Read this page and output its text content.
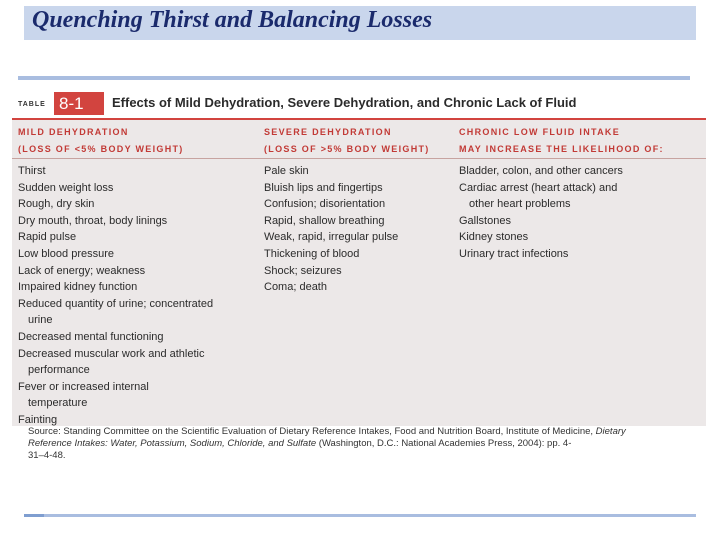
Quenching Thirst and Balancing Losses
TABLE 8-1	Effects of Mild Dehydration, Severe Dehydration, and Chronic Lack of Fluid
MILD DEHYDRATION
(LOSS OF <5% BODY WEIGHT)
Thirst
Sudden weight loss
Rough, dry skin
Dry mouth, throat, body linings
Rapid pulse
Low blood pressure
Lack of energy; weakness
Impaired kidney function
Reduced quantity of urine; concentrated
urine
Decreased mental functioning
Decreased muscular work and athletic
performance
Fever or increased internal
temperature
Fainting
SEVERE DEHYDRATION
(LOSS OF >5% BODY WEIGHT)
Pale skin
Bluish lips and fingertips
Confusion; disorientation
Rapid, shallow breathing
Weak, rapid, irregular pulse
Thickening of blood
Shock; seizures
Coma; death
CHRONIC LOW FLUID INTAKE
MAY INCREASE THE LIKELIHOOD OF:
Bladder, colon, and other cancers
Cardiac arrest (heart attack) and
other heart problems
Gallstones
Kidney stones
Urinary tract infections
Source: Standing Committee on the Scientific Evaluation of Dietary Reference Intakes, Food and Nutrition Board, Institute of Medicine, Dietary Reference Intakes: Water, Potassium, Sodium, Chloride, and Sulfate (Washington, D.C.: National Academies Press, 2004): pp. 4-
31–4-48.
